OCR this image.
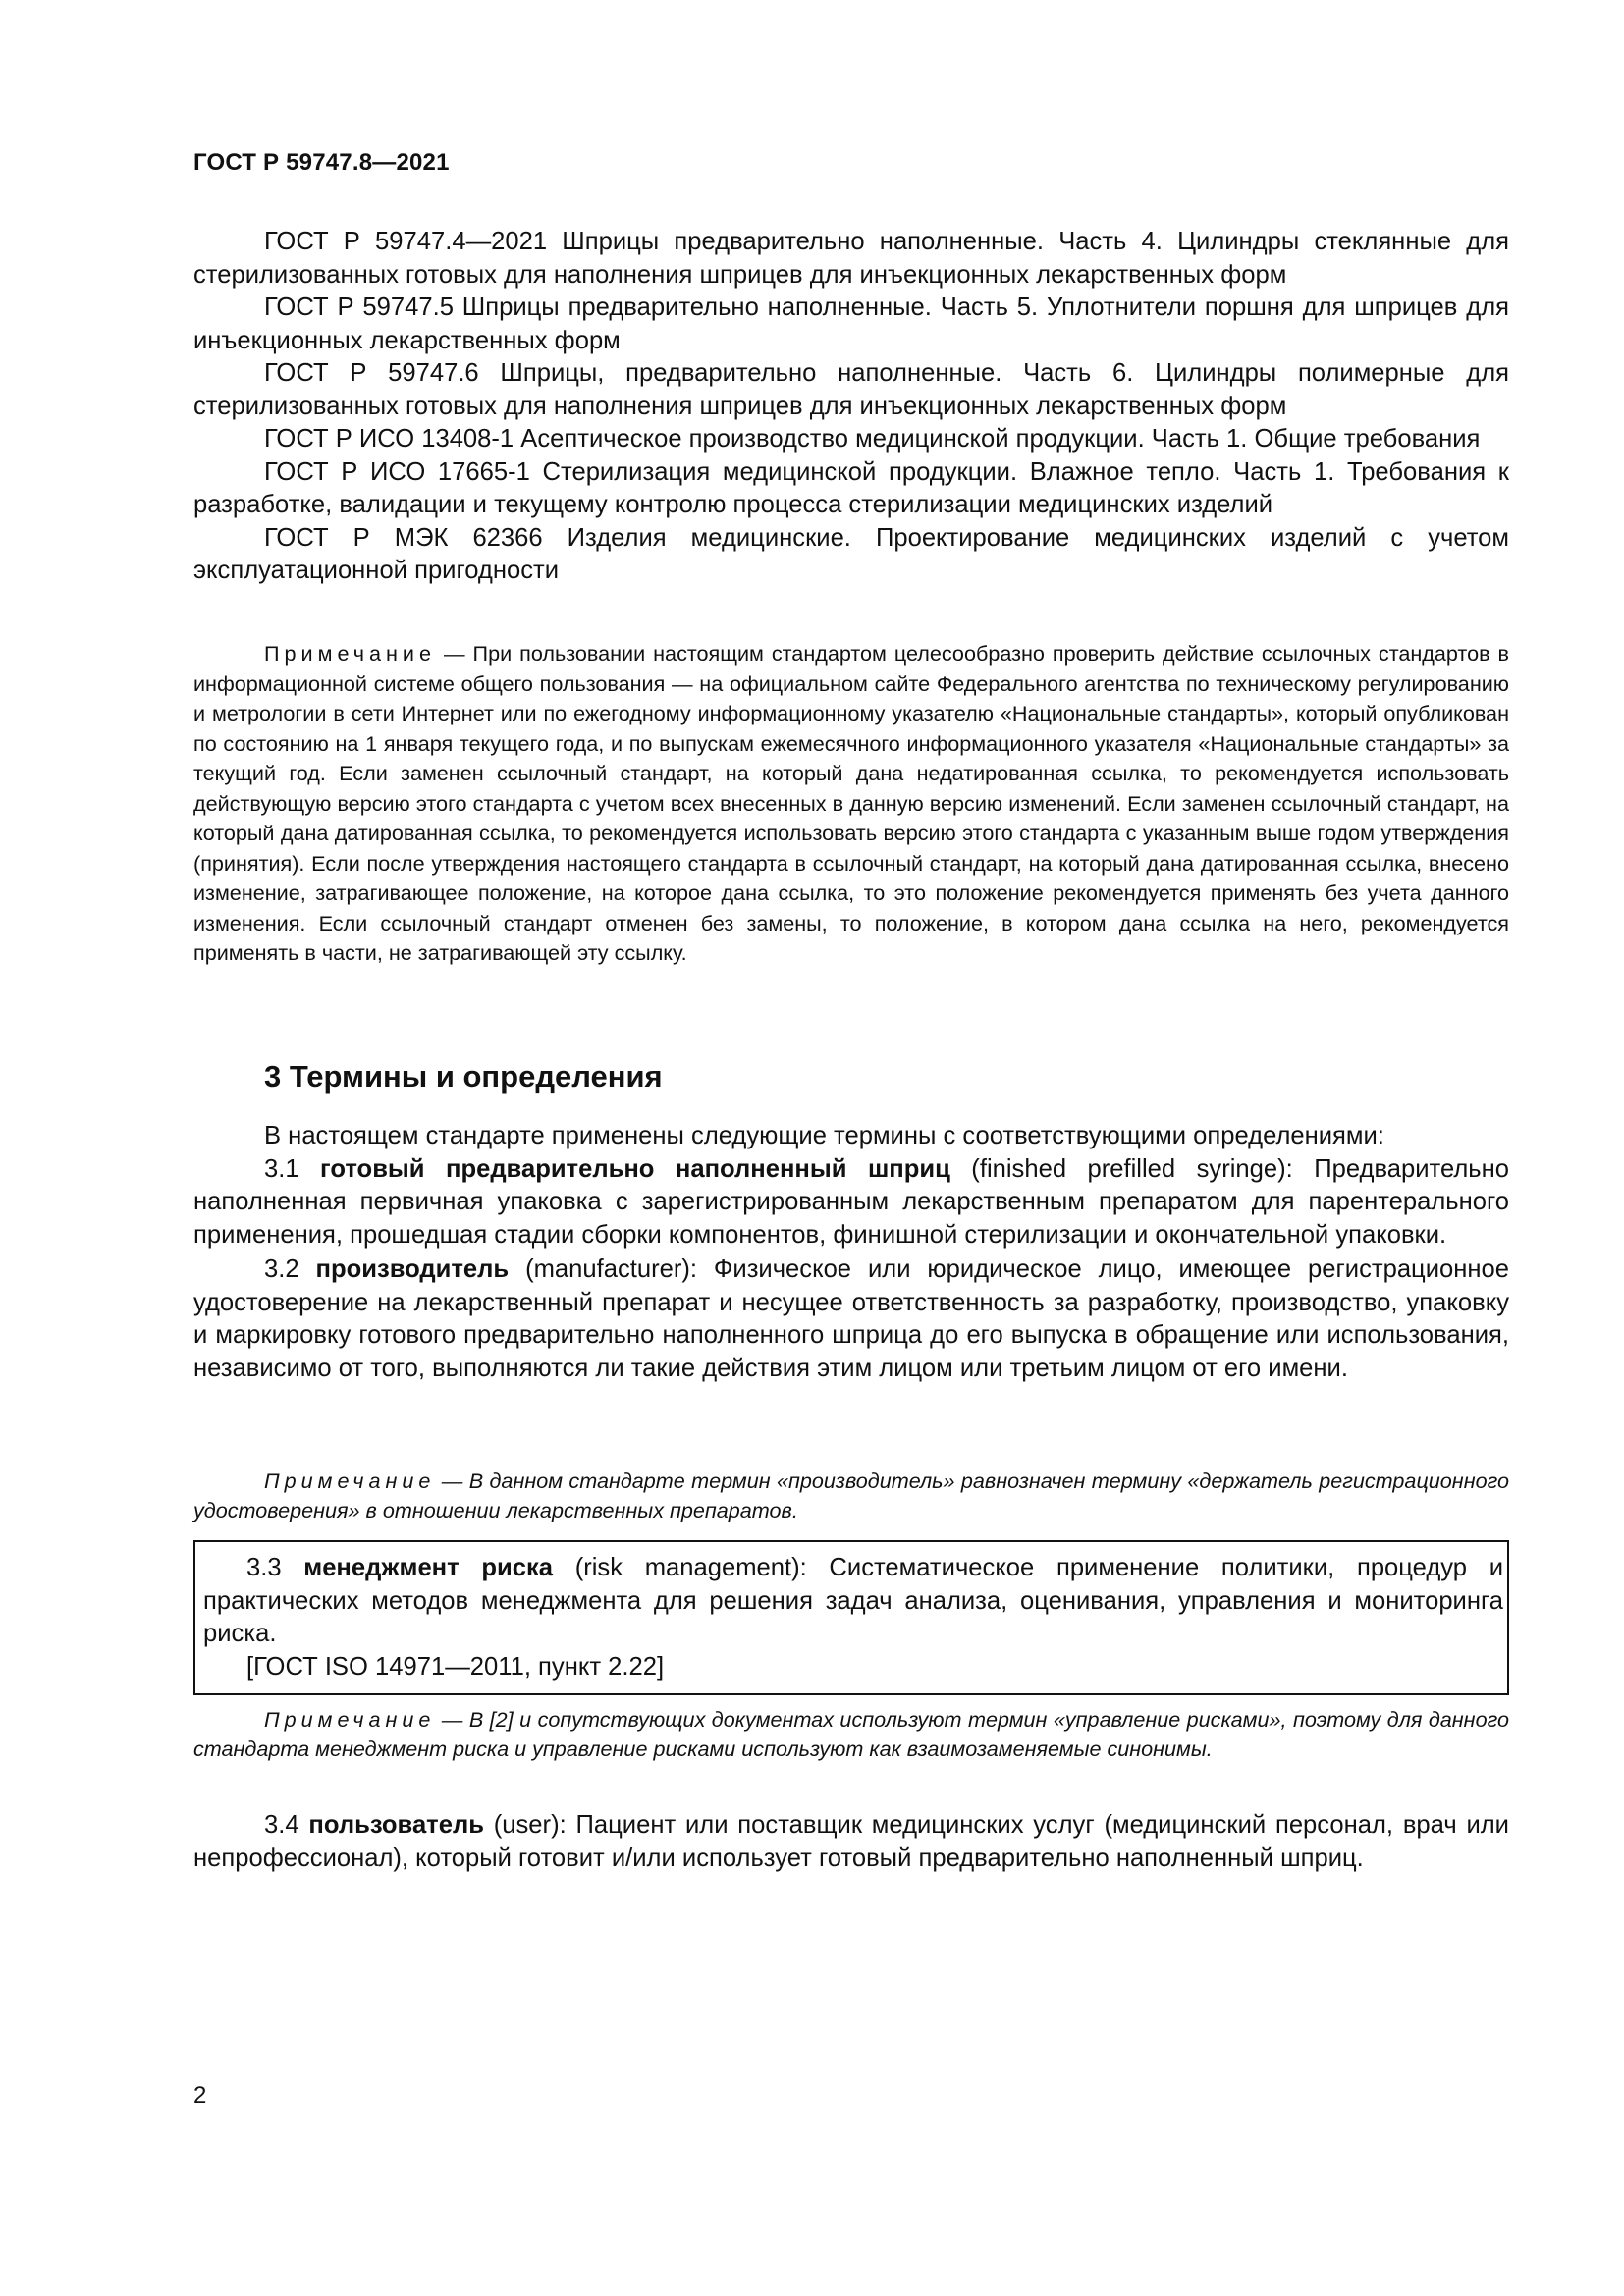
ГОСТ Р 59747.8—2021

ГОСТ Р 59747.4—2021 Шприцы предварительно наполненные. Часть 4. Цилиндры стеклянные для стерилизованных готовых для наполнения шприцев для инъекционных лекарственных форм

ГОСТ Р 59747.5 Шприцы предварительно наполненные. Часть 5. Уплотнители поршня для шприцев для инъекционных лекарственных форм

ГОСТ Р 59747.6 Шприцы, предварительно наполненные. Часть 6. Цилиндры полимерные для стерилизованных готовых для наполнения шприцев для инъекционных лекарственных форм

ГОСТ Р ИСО 13408-1 Асептическое производство медицинской продукции. Часть 1. Общие требования

ГОСТ Р ИСО 17665-1 Стерилизация медицинской продукции. Влажное тепло. Часть 1. Требования к разработке, валидации и текущему контролю процесса стерилизации медицинских изделий

ГОСТ Р МЭК 62366 Изделия медицинские. Проектирование медицинских изделий с учетом эксплуатационной пригодности

Примечание — При пользовании настоящим стандартом целесообразно проверить действие ссылочных стандартов в информационной системе общего пользования — на официальном сайте Федерального агентства по техническому регулированию и метрологии в сети Интернет или по ежегодному информационному указателю «Национальные стандарты», который опубликован по состоянию на 1 января текущего года, и по выпускам ежемесячного информационного указателя «Национальные стандарты» за текущий год. Если заменен ссылочный стандарт, на который дана недатированная ссылка, то рекомендуется использовать действующую версию этого стандарта с учетом всех внесенных в данную версию изменений. Если заменен ссылочный стандарт, на который дана датированная ссылка, то рекомендуется использовать версию этого стандарта с указанным выше годом утверждения (принятия). Если после утверждения настоящего стандарта в ссылочный стандарт, на который дана датированная ссылка, внесено изменение, затрагивающее положение, на которое дана ссылка, то это положение рекомендуется применять без учета данного изменения. Если ссылочный стандарт отменен без замены, то положение, в котором дана ссылка на него, рекомендуется применять в части, не затрагивающей эту ссылку.

3 Термины и определения

В настоящем стандарте применены следующие термины с соответствующими определениями:

3.1 готовый предварительно наполненный шприц (finished prefilled syringe): Предварительно наполненная первичная упаковка с зарегистрированным лекарственным препаратом для парентерального применения, прошедшая стадии сборки компонентов, финишной стерилизации и окончательной упаковки.

3.2 производитель (manufacturer): Физическое или юридическое лицо, имеющее регистрационное удостоверение на лекарственный препарат и несущее ответственность за разработку, производство, упаковку и маркировку готового предварительно наполненного шприца до его выпуска в обращение или использования, независимо от того, выполняются ли такие действия этим лицом или третьим лицом от его имени.

Примечание — В данном стандарте термин «производитель» равнозначен термину «держатель регистрационного удостоверения» в отношении лекарственных препаратов.

3.3 менеджмент риска (risk management): Систематическое применение политики, процедур и практических методов менеджмента для решения задач анализа, оценивания, управления и мониторинга риска.

[ГОСТ ISO 14971—2011, пункт 2.22]

Примечание — В [2] и сопутствующих документах используют термин «управление рисками», поэтому для данного стандарта менеджмент риска и управление рисками используют как взаимозаменяемые синонимы.

3.4 пользователь (user): Пациент или поставщик медицинских услуг (медицинский персонал, врач или непрофессионал), который готовит и/или использует готовый предварительно наполненный шприц.

2
